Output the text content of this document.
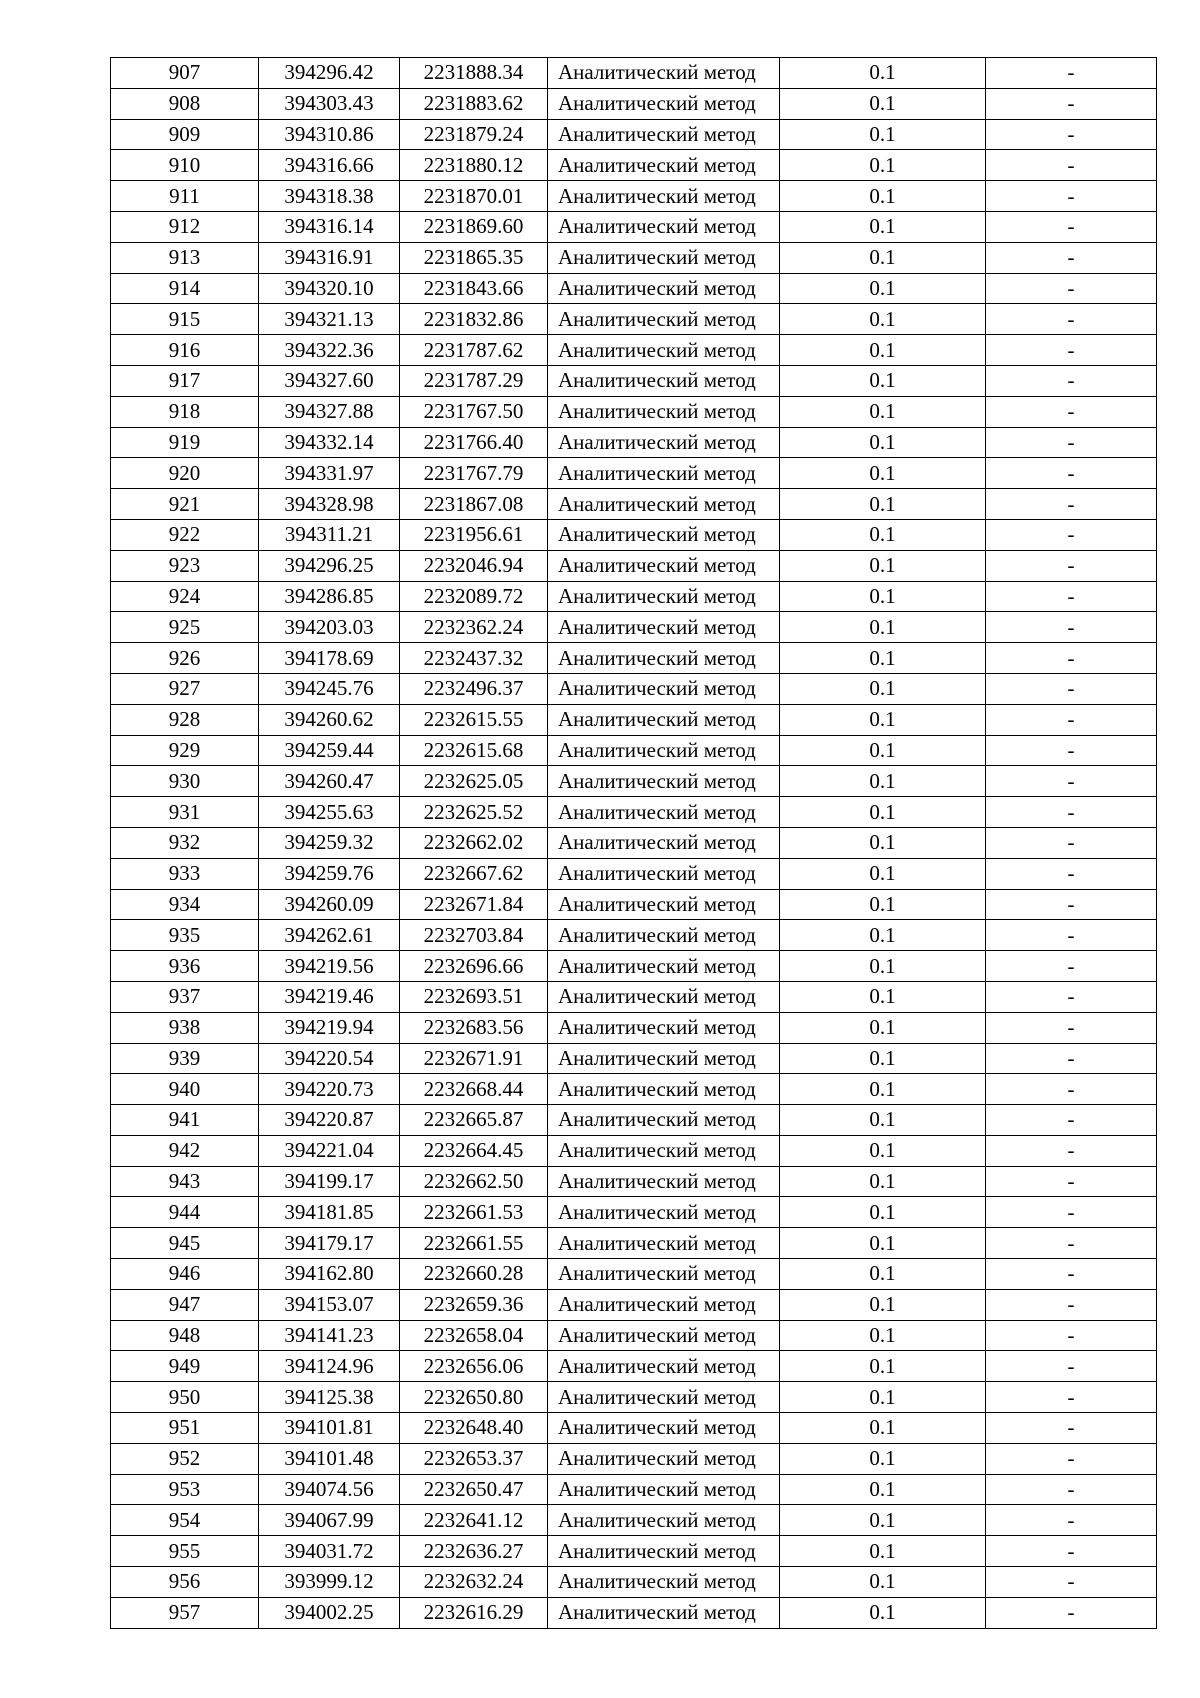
907	394296.42	2231888.34	Аналитический метод	0.1	-
908	394303.43	2231883.62	Аналитический метод	0.1	-
909	394310.86	2231879.24	Аналитический метод	0.1	-
910	394316.66	2231880.12	Аналитический метод	0.1	-
911	394318.38	2231870.01	Аналитический метод	0.1	-
912	394316.14	2231869.60	Аналитический метод	0.1	-
913	394316.91	2231865.35	Аналитический метод	0.1	-
914	394320.10	2231843.66	Аналитический метод	0.1	-
915	394321.13	2231832.86	Аналитический метод	0.1	-
916	394322.36	2231787.62	Аналитический метод	0.1	-
917	394327.60	2231787.29	Аналитический метод	0.1	-
918	394327.88	2231767.50	Аналитический метод	0.1	-
919	394332.14	2231766.40	Аналитический метод	0.1	-
920	394331.97	2231767.79	Аналитический метод	0.1	-
921	394328.98	2231867.08	Аналитический метод	0.1	-
922	394311.21	2231956.61	Аналитический метод	0.1	-
923	394296.25	2232046.94	Аналитический метод	0.1	-
924	394286.85	2232089.72	Аналитический метод	0.1	-
925	394203.03	2232362.24	Аналитический метод	0.1	-
926	394178.69	2232437.32	Аналитический метод	0.1	-
927	394245.76	2232496.37	Аналитический метод	0.1	-
928	394260.62	2232615.55	Аналитический метод	0.1	-
929	394259.44	2232615.68	Аналитический метод	0.1	-
930	394260.47	2232625.05	Аналитический метод	0.1	-
931	394255.63	2232625.52	Аналитический метод	0.1	-
932	394259.32	2232662.02	Аналитический метод	0.1	-
933	394259.76	2232667.62	Аналитический метод	0.1	-
934	394260.09	2232671.84	Аналитический метод	0.1	-
935	394262.61	2232703.84	Аналитический метод	0.1	-
936	394219.56	2232696.66	Аналитический метод	0.1	-
937	394219.46	2232693.51	Аналитический метод	0.1	-
938	394219.94	2232683.56	Аналитический метод	0.1	-
939	394220.54	2232671.91	Аналитический метод	0.1	-
940	394220.73	2232668.44	Аналитический метод	0.1	-
941	394220.87	2232665.87	Аналитический метод	0.1	-
942	394221.04	2232664.45	Аналитический метод	0.1	-
943	394199.17	2232662.50	Аналитический метод	0.1	-
944	394181.85	2232661.53	Аналитический метод	0.1	-
945	394179.17	2232661.55	Аналитический метод	0.1	-
946	394162.80	2232660.28	Аналитический метод	0.1	-
947	394153.07	2232659.36	Аналитический метод	0.1	-
948	394141.23	2232658.04	Аналитический метод	0.1	-
949	394124.96	2232656.06	Аналитический метод	0.1	-
950	394125.38	2232650.80	Аналитический метод	0.1	-
951	394101.81	2232648.40	Аналитический метод	0.1	-
952	394101.48	2232653.37	Аналитический метод	0.1	-
953	394074.56	2232650.47	Аналитический метод	0.1	-
954	394067.99	2232641.12	Аналитический метод	0.1	-
955	394031.72	2232636.27	Аналитический метод	0.1	-
956	393999.12	2232632.24	Аналитический метод	0.1	-
957	394002.25	2232616.29	Аналитический метод	0.1	-
